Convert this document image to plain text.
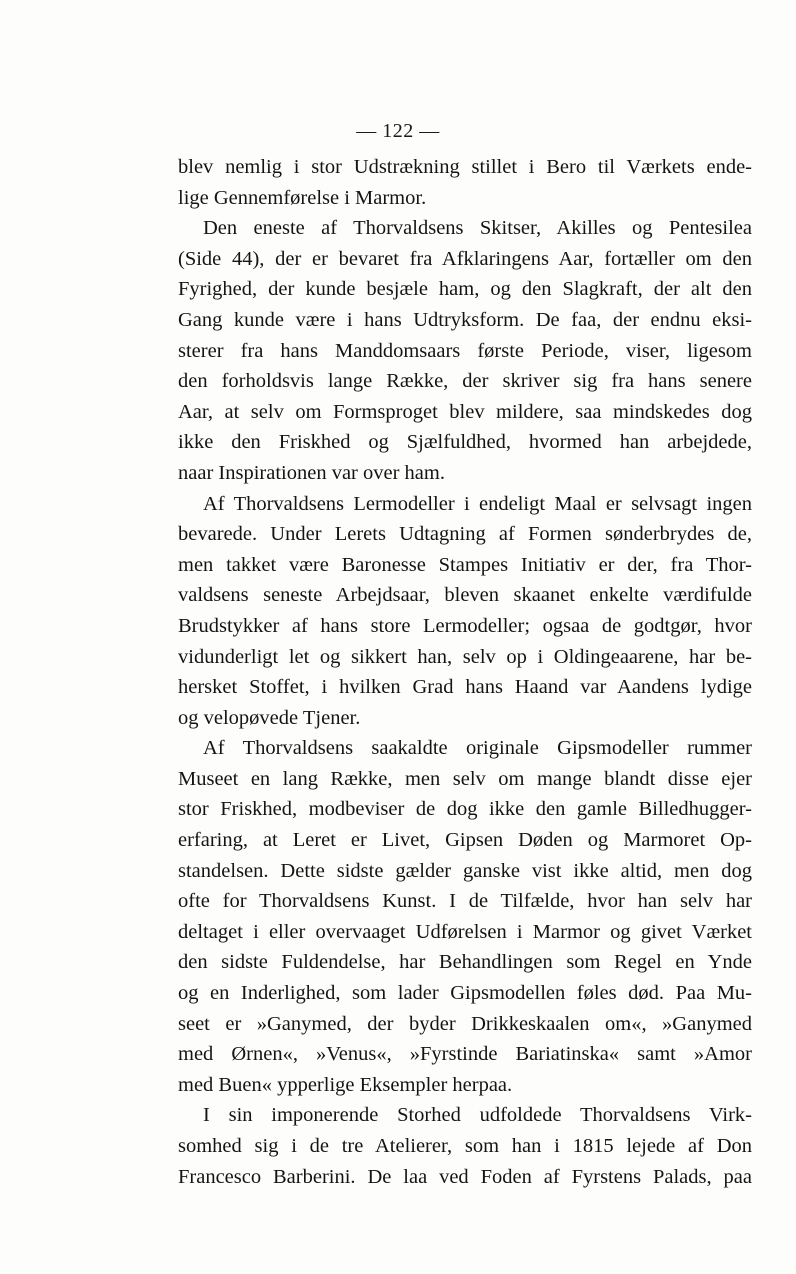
— 122 —
blev nemlig i stor Udstrækning stillet i Bero til Værkets ende-
lige Gennemførelse i Marmor.
Den eneste af Thorvaldsens Skitser, Akilles og Pentesilea
(Side 44), der er bevaret fra Afklaringens Aar, fortæller om den
Fyrighed, der kunde besjæle ham, og den Slagkraft, der alt den
Gang kunde være i hans Udtryksform. De faa, der endnu eksi-
sterer fra hans Manddomsaars første Periode, viser, ligesom
den forholdsvis lange Række, der skriver sig fra hans senere
Aar, at selv om Formsproget blev mildere, saa mindskedes dog
ikke den Friskhed og Sjælfuldhed, hvormed han arbejdede,
naar Inspirationen var over ham.
Af Thorvaldsens Lermodeller i endeligt Maal er selvsagt ingen
bevarede. Under Lerets Udtagning af Formen sønderbrydes de,
men takket være Baronesse Stampes Initiativ er der, fra Thor-
valdsens seneste Arbejdsaar, bleven skaanet enkelte værdifulde
Brudstykker af hans store Lermodeller; ogsaa de godtgør, hvor
vidunderligt let og sikkert han, selv op i Oldingeaarene, har be-
hersket Stoffet, i hvilken Grad hans Haand var Aandens lydige
og velopøvede Tjener.
Af Thorvaldsens saakaldte originale Gipsmodeller rummer
Museet en lang Række, men selv om mange blandt disse ejer
stor Friskhed, modbeviser de dog ikke den gamle Billedhugger-
erfaring, at Leret er Livet, Gipsen Døden og Marmoret Op-
standelsen. Dette sidste gælder ganske vist ikke altid, men dog
ofte for Thorvaldsens Kunst. I de Tilfælde, hvor han selv har
deltaget i eller overvaaget Udførelsen i Marmor og givet Værket
den sidste Fuldendelse, har Behandlingen som Regel en Ynde
og en Inderlighed, som lader Gipsmodellen føles død. Paa Mu-
seet er »Ganymed, der byder Drikkeskaalen om«, »Ganymed
med Ørnen«, »Venus«, »Fyrstinde Bariatinska« samt »Amor
med Buen« ypperlige Eksempler herpaa.
I sin imponerende Storhed udfoldede Thorvaldsens Virk-
somhed sig i de tre Atelierer, som han i 1815 lejede af Don
Francesco Barberini. De laa ved Foden af Fyrstens Palads, paa
